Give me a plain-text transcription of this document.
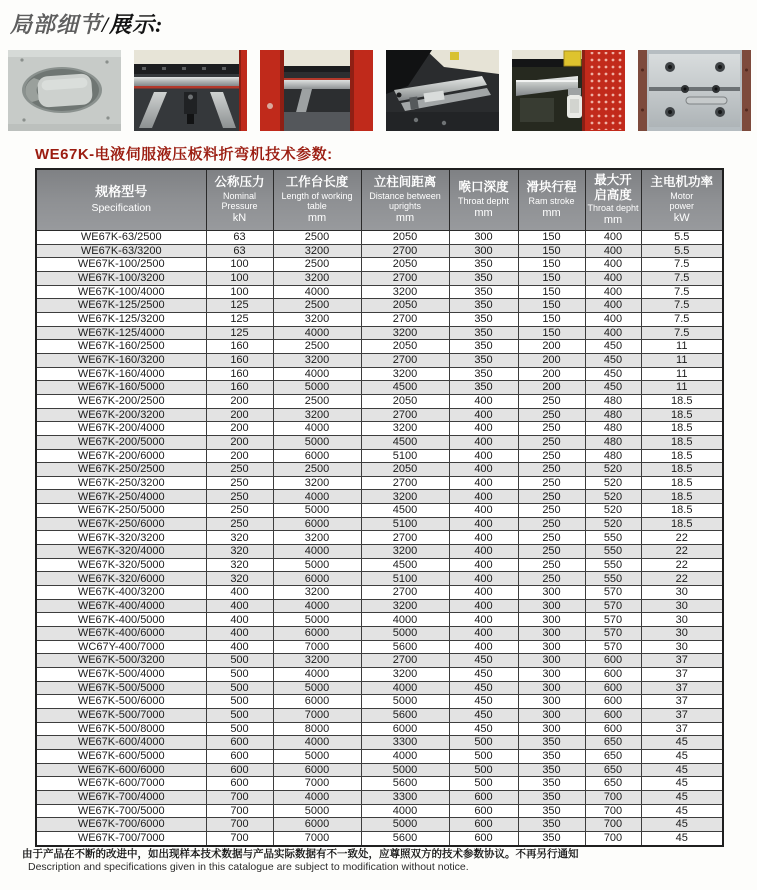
局部细节/展示:
WE67K-电液伺服液压板料折弯机技术参数:
规格型号
Specification

公称压力
Nominal Pressure
kN

工作台长度
Length of working table
mm

立柱间距离
Distance between uprights
mm

喉口深度
Throat depht
mm

滑块行程
Ram stroke
mm

最大开启高度
Throat depht
mm

主电机功率
Motor power
kW

WE67K-63/2500	63	2500	2050	300	150	400	5.5
WE67K-63/3200	63	3200	2700	300	150	400	5.5
WE67K-100/2500	100	2500	2050	350	150	400	7.5
WE67K-100/3200	100	3200	2700	350	150	400	7.5
WE67K-100/4000	100	4000	3200	350	150	400	7.5
WE67K-125/2500	125	2500	2050	350	150	400	7.5
WE67K-125/3200	125	3200	2700	350	150	400	7.5
WE67K-125/4000	125	4000	3200	350	150	400	7.5
WE67K-160/2500	160	2500	2050	350	200	450	11
WE67K-160/3200	160	3200	2700	350	200	450	11
WE67K-160/4000	160	4000	3200	350	200	450	11
WE67K-160/5000	160	5000	4500	350	200	450	11
WE67K-200/2500	200	2500	2050	400	250	480	18.5
WE67K-200/3200	200	3200	2700	400	250	480	18.5
WE67K-200/4000	200	4000	3200	400	250	480	18.5
WE67K-200/5000	200	5000	4500	400	250	480	18.5
WE67K-200/6000	200	6000	5100	400	250	480	18.5
WE67K-250/2500	250	2500	2050	400	250	520	18.5
WE67K-250/3200	250	3200	2700	400	250	520	18.5
WE67K-250/4000	250	4000	3200	400	250	520	18.5
WE67K-250/5000	250	5000	4500	400	250	520	18.5
WE67K-250/6000	250	6000	5100	400	250	520	18.5
WE67K-320/3200	320	3200	2700	400	250	550	22
WE67K-320/4000	320	4000	3200	400	250	550	22
WE67K-320/5000	320	5000	4500	400	250	550	22
WE67K-320/6000	320	6000	5100	400	250	550	22
WE67K-400/3200	400	3200	2700	400	300	570	30
WE67K-400/4000	400	4000	3200	400	300	570	30
WE67K-400/5000	400	5000	4000	400	300	570	30
WE67K-400/6000	400	6000	5000	400	300	570	30
WC67Y-400/7000	400	7000	5600	400	300	570	30
WE67K-500/3200	500	3200	2700	450	300	600	37
WE67K-500/4000	500	4000	3200	450	300	600	37
WE67K-500/5000	500	5000	4000	450	300	600	37
WE67K-500/6000	500	6000	5000	450	300	600	37
WE67K-500/7000	500	7000	5600	450	300	600	37
WE67K-500/8000	500	8000	6000	450	300	600	37
WE67K-600/4000	600	4000	3300	500	350	650	45
WE67K-600/5000	600	5000	4000	500	350	650	45
WE67K-600/6000	600	6000	5000	500	350	650	45
WE67K-600/7000	600	7000	5600	500	350	650	45
WE67K-700/4000	700	4000	3300	600	350	700	45
WE67K-700/5000	700	5000	4000	600	350	700	45
WE67K-700/6000	700	6000	5000	600	350	700	45
WE67K-700/7000	700	7000	5600	600	350	700	45
由于产品在不断的改进中，如出现样本技术数据与产品实际数据有不一致处，应尊照双方的技术参数协议。不再另行通知
Description and specifications given in this catalogue are subject to modification without notice.
